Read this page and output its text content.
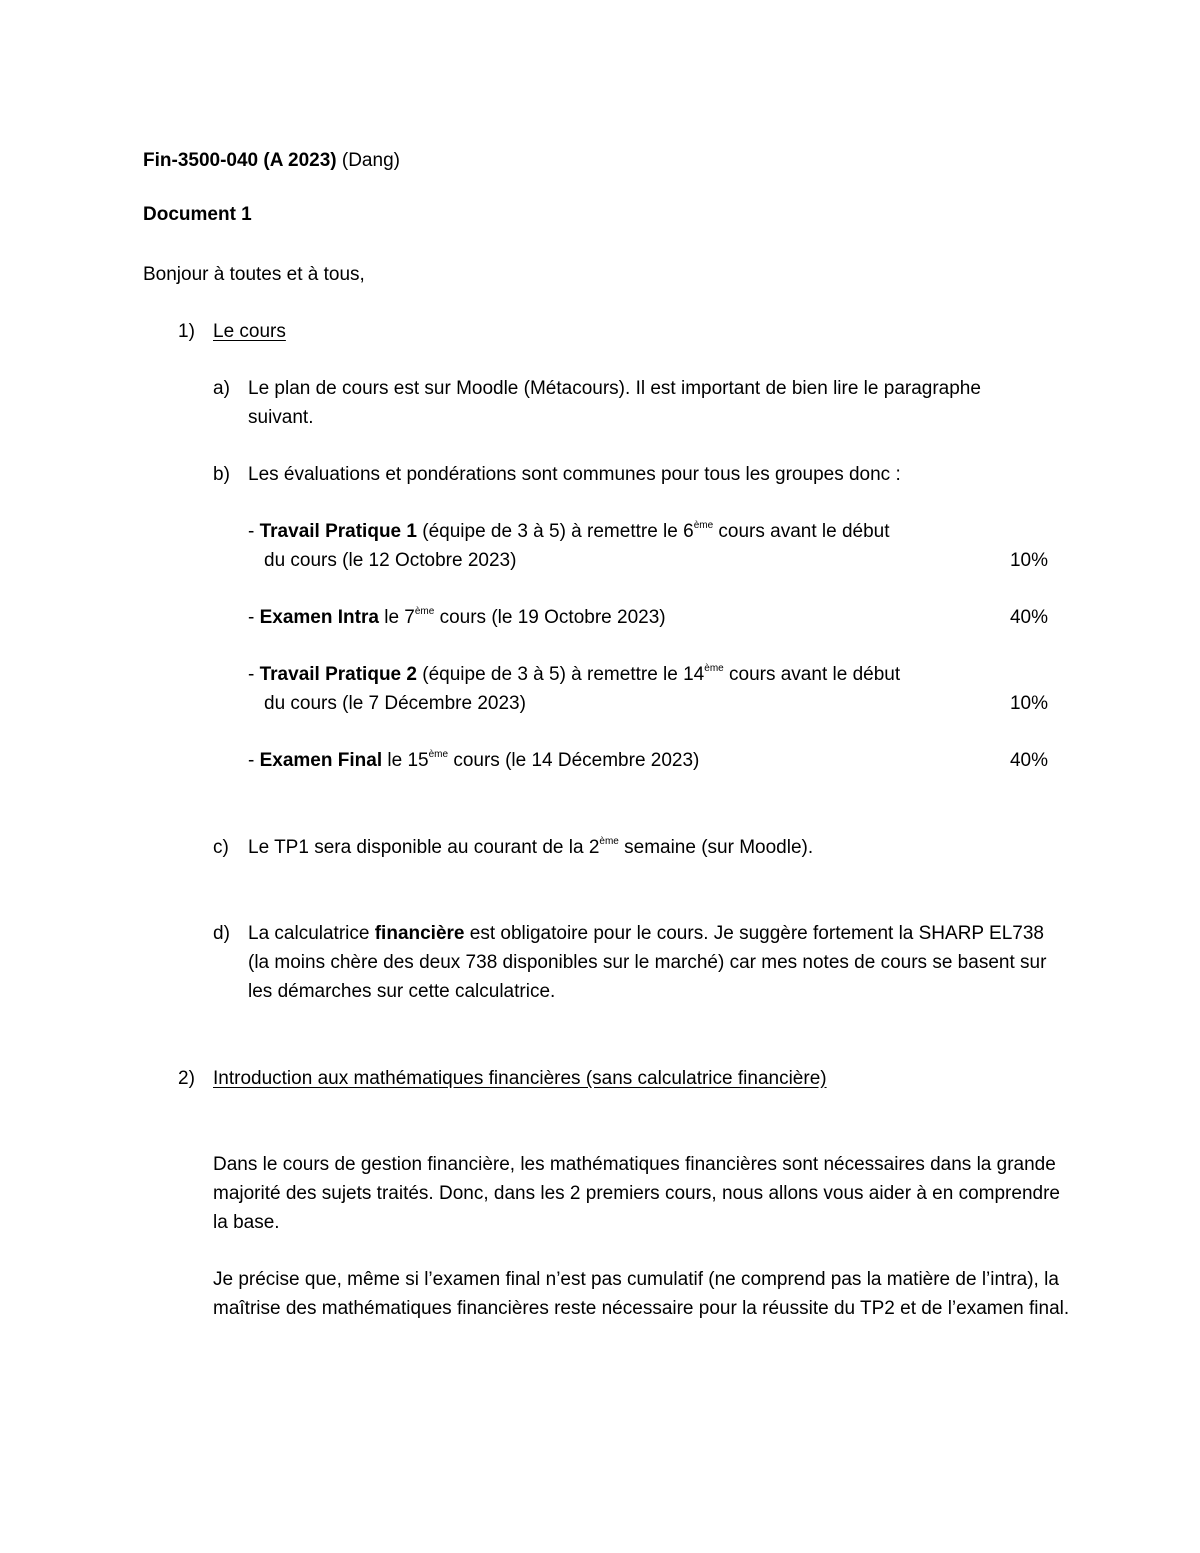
Fin-3500-040 (A 2023) (Dang)
Document 1
Bonjour à toutes et à tous,
1) Le cours
a) Le plan de cours est sur Moodle (Métacours). Il est important de bien lire le paragraphe suivant.
b) Les évaluations et pondérations sont communes pour tous les groupes donc :
- Travail Pratique 1 (équipe de 3 à 5) à remettre le 6ème cours avant le début
du cours (le 12 Octobre 2023)	10%
- Examen Intra le 7ème cours (le 19 Octobre 2023)	40%
- Travail Pratique 2 (équipe de 3 à 5) à remettre le 14ème cours avant le début
du cours (le 7 Décembre 2023)	10%
- Examen Final le 15ème cours (le 14 Décembre 2023)	40%
c) Le TP1 sera disponible au courant de la 2ème semaine (sur Moodle).
d) La calculatrice financière est obligatoire pour le cours. Je suggère fortement la SHARP EL738 (la moins chère des deux 738 disponibles sur le marché) car mes notes de cours se basent sur les démarches sur cette calculatrice.
2) Introduction aux mathématiques financières (sans calculatrice financière)
Dans le cours de gestion financière, les mathématiques financières sont nécessaires dans la grande majorité des sujets traités. Donc, dans les 2 premiers cours, nous allons vous aider à en comprendre la base.
Je précise que, même si l’examen final n’est pas cumulatif (ne comprend pas la matière de l’intra), la maîtrise des mathématiques financières reste nécessaire pour la réussite du TP2 et de l’examen final.
